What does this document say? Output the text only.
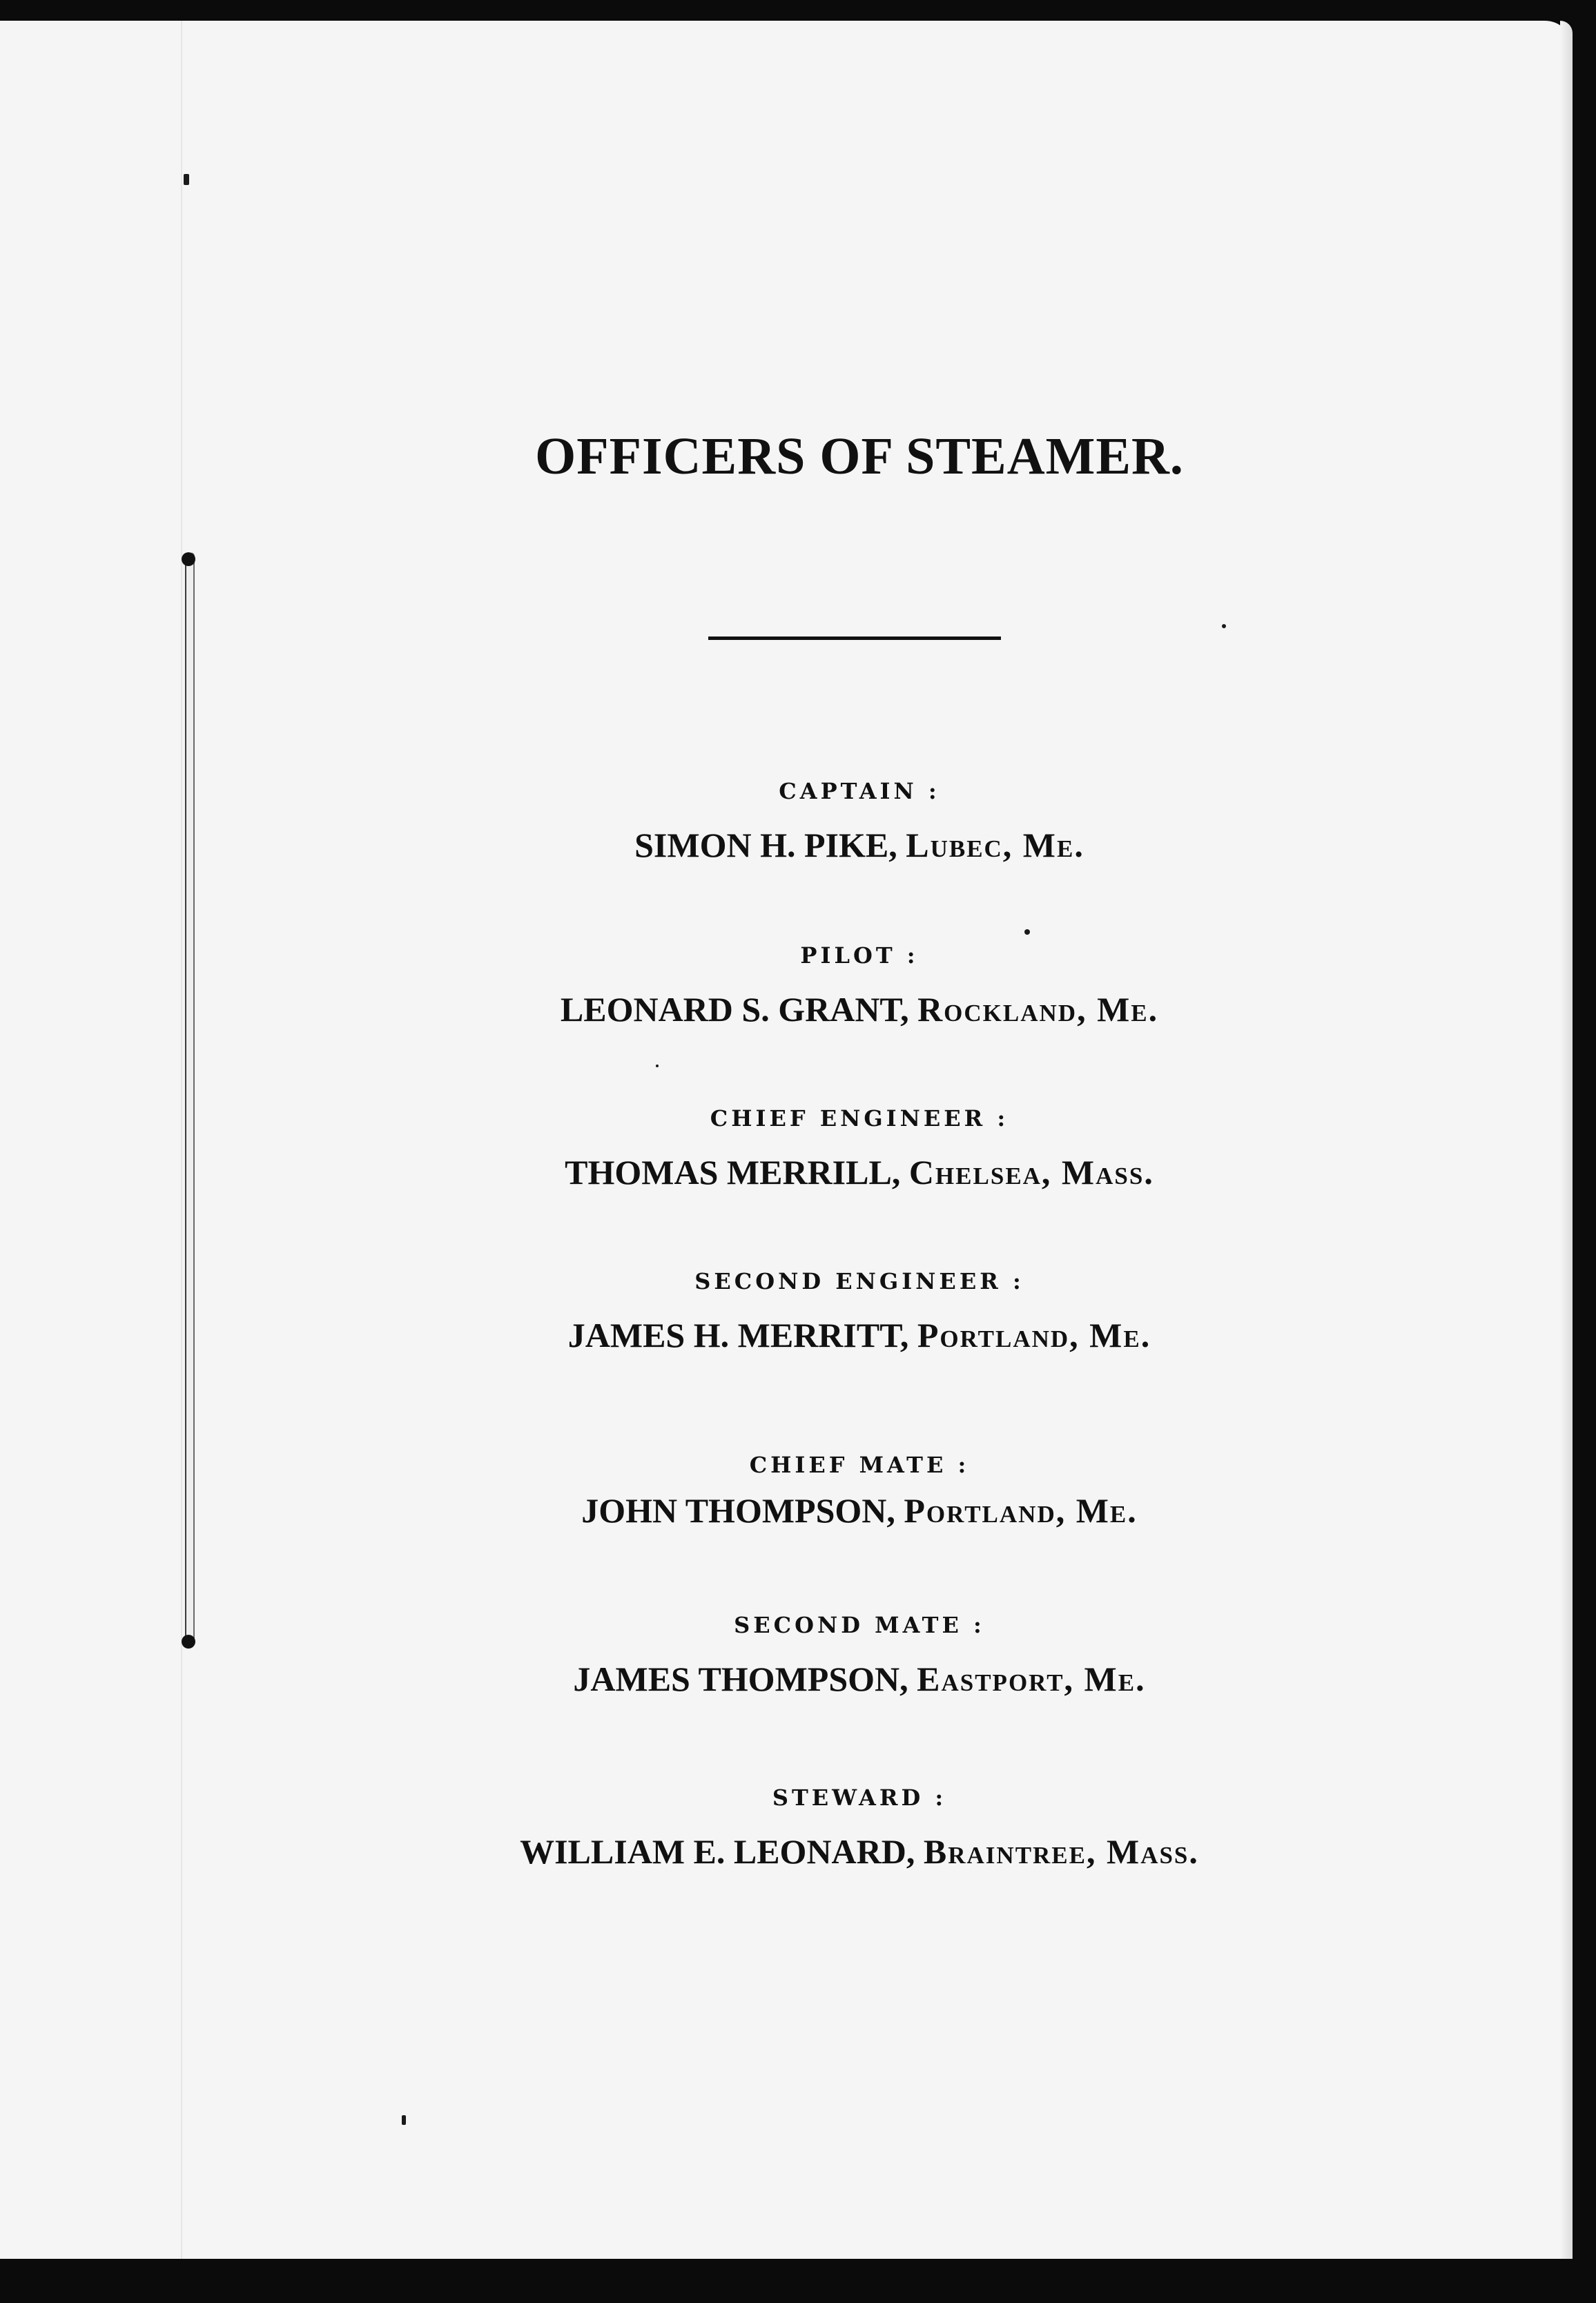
OFFICERS OF STEAMER.
CAPTAIN :
SIMON H. PIKE, Lubec, Me.
PILOT :
LEONARD S. GRANT, Rockland, Me.
CHIEF ENGINEER :
THOMAS MERRILL, Chelsea, Mass.
SECOND ENGINEER :
JAMES H. MERRITT, Portland, Me.
CHIEF MATE :
JOHN THOMPSON, Portland, Me.
SECOND MATE :
JAMES THOMPSON, Eastport, Me.
STEWARD :
WILLIAM E. LEONARD, Braintree, Mass.
